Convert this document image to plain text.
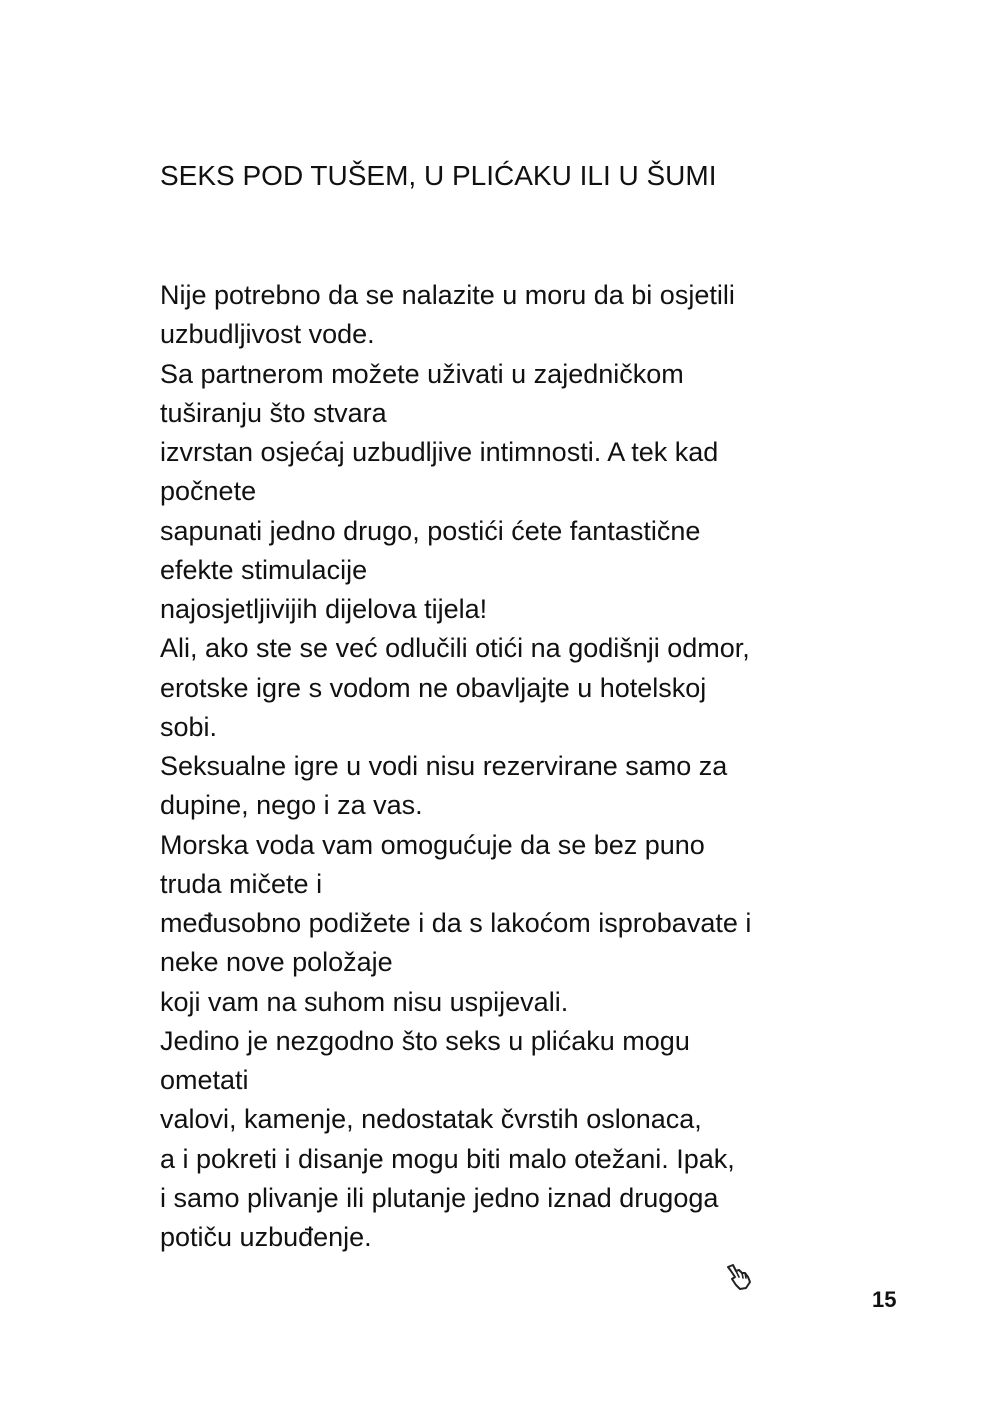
SEKS POD TUŠEM, U PLIĆAKU ILI U ŠUMI
Nije potrebno da se nalazite u moru da bi osjetili
uzbudljivost vode.
Sa partnerom možete uživati u zajedničkom
tuširanju što stvara
izvrstan osjećaj uzbudljive intimnosti. A tek kad
počnete
sapunati jedno drugo, postići ćete fantastične
efekte stimulacije
najosjetljivijih dijelova tijela!
Ali, ako ste se već odlučili otići na godišnji odmor,
erotske igre s vodom ne obavljajte u hotelskoj
sobi.
Seksualne igre u vodi nisu rezervirane samo za
dupine, nego i za vas.
Morska voda vam omogućuje da se bez puno
truda mičete i
međusobno podižete i da s lakoćom isprobavate i
neke nove položaje
koji vam na suhom nisu uspijevali.
Jedino je nezgodno što seks u plićaku mogu
ometati
valovi, kamenje, nedostatak čvrstih oslonaca,
a i pokreti i disanje mogu biti malo otežani. Ipak,
i samo plivanje ili plutanje jedno iznad drugoga
potiču uzbuđenje.
15
